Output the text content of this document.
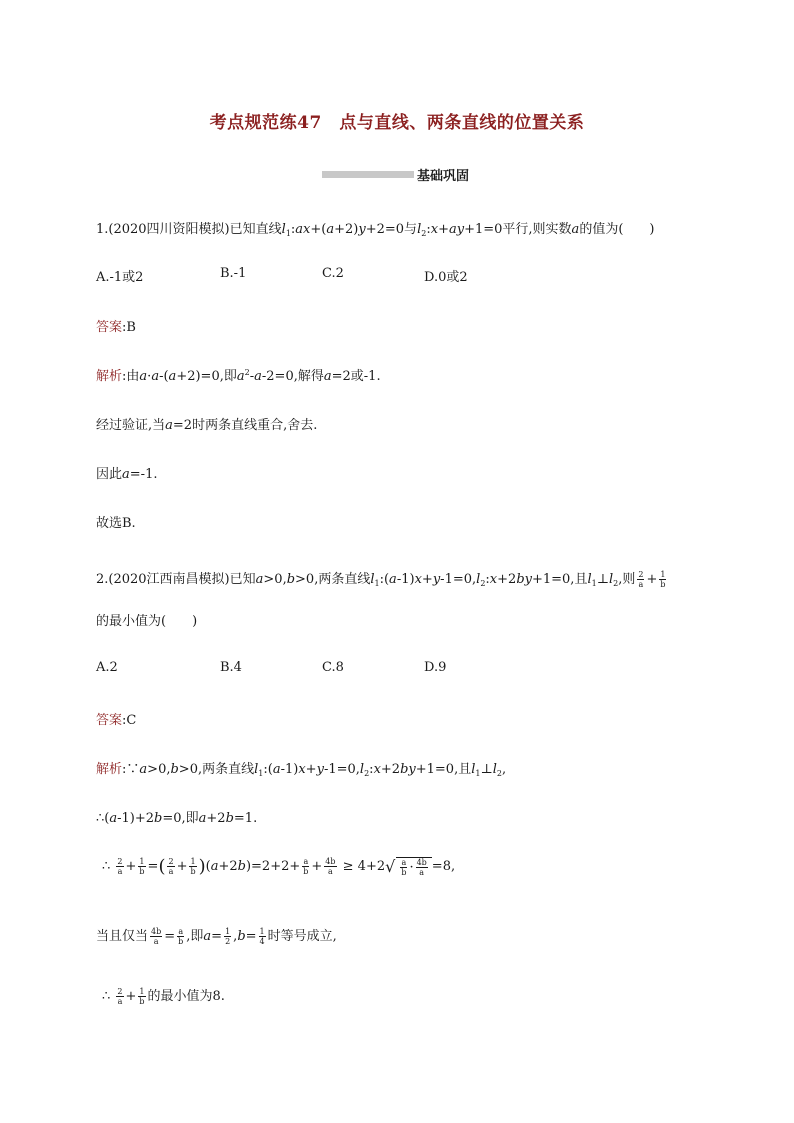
考点规范练47　点与直线、两条直线的位置关系
基础巩固
1.(2020四川资阳模拟)已知直线$l_1:ax+(a+2)y+2=0$与$l_2:x+ay+1=0$平行,则实数a的值为(　　)
A.-1或2	B.-1	C.2	D.0或2
答案:B
解析:由a·a-(a+2)=0,即$a^2-a-2=0$,解得a=2或-1.
经过验证,当a=2时两条直线重合,舍去.
因此a=-1.
故选B.
2.(2020江西南昌模拟)已知a>0,b>0,两条直线$l_1:(a-1)x+y-1=0,l_2:x+2by+1=0$,且$l_1\perp l_2$,则 $\frac{2}{a} + \frac{1}{b}$
的最小值为(　　)
A.2	B.4	C.8	D.9
答案:C
解析:∵a>0,b>0,两条直线$l_1:(a-1)x+y-1=0,l_2:x+2by+1=0$,且$l_1\perp l_2$,
∴(a-1)+2b=0,即a+2b=1.
∴ $\frac{2}{a} + \frac{1}{b}$ =( $\frac{2}{a} + \frac{1}{b} )(a+2b)=2+2+ \frac{a}{b} + \frac{4b}{a} \ge 4+2√ \frac{a}{b} \cdot \frac{4b}{a} =8$,
当且仅当 $\frac{4b}{a} = \frac{a}{b}$ ,即$a= \frac{1}{2} ,b= \frac{1}{4}$ 时等号成立,
∴ $\frac{2}{a} + \frac{1}{b}$ 的最小值为8.
